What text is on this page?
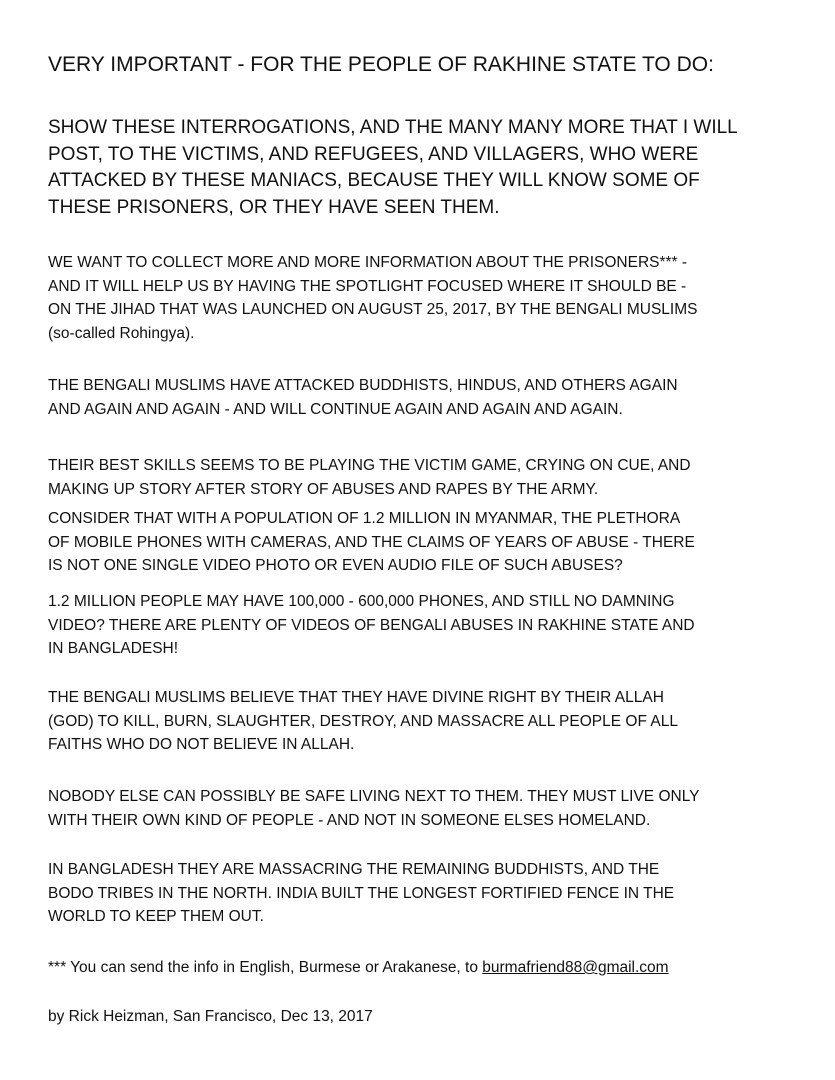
VERY IMPORTANT - FOR THE PEOPLE OF RAKHINE STATE TO DO:

SHOW THESE INTERROGATIONS, AND THE MANY MANY MORE THAT I WILL
POST, TO THE VICTIMS, AND REFUGEES, AND VILLAGERS, WHO WERE
ATTACKED BY THESE MANIACS, BECAUSE THEY WILL KNOW SOME OF
THESE PRISONERS, OR THEY HAVE SEEN THEM.

WE WANT TO COLLECT MORE AND MORE INFORMATION ABOUT THE PRISONERS*** -
AND IT WILL HELP US BY HAVING THE SPOTLIGHT FOCUSED WHERE IT SHOULD BE -
ON THE JIHAD THAT WAS LAUNCHED ON AUGUST 25, 2017, BY THE BENGALI MUSLIMS
(so-called Rohingya).

THE BENGALI MUSLIMS HAVE ATTACKED BUDDHISTS, HINDUS, AND OTHERS AGAIN
AND AGAIN AND AGAIN - AND WILL CONTINUE AGAIN AND AGAIN AND AGAIN.

THEIR BEST SKILLS SEEMS TO BE PLAYING THE VICTIM GAME, CRYING ON CUE, AND
MAKING UP STORY AFTER STORY OF ABUSES AND RAPES BY THE ARMY.

CONSIDER THAT WITH A POPULATION OF 1.2 MILLION IN MYANMAR, THE PLETHORA
OF MOBILE PHONES WITH CAMERAS, AND THE CLAIMS OF YEARS OF ABUSE - THERE
IS NOT ONE SINGLE VIDEO PHOTO OR EVEN AUDIO FILE OF SUCH ABUSES?

1.2 MILLION PEOPLE MAY HAVE 100,000 - 600,000 PHONES, AND STILL NO DAMNING
VIDEO? THERE ARE PLENTY OF VIDEOS OF BENGALI ABUSES IN RAKHINE STATE AND
IN BANGLADESH!

THE BENGALI MUSLIMS BELIEVE THAT THEY HAVE DIVINE RIGHT BY THEIR ALLAH
(GOD) TO KILL, BURN, SLAUGHTER, DESTROY, AND MASSACRE ALL PEOPLE OF ALL
FAITHS WHO DO NOT BELIEVE IN ALLAH.

NOBODY ELSE CAN POSSIBLY BE SAFE LIVING NEXT TO THEM. THEY MUST LIVE ONLY
WITH THEIR OWN KIND OF PEOPLE - AND NOT IN SOMEONE ELSES HOMELAND.

IN BANGLADESH THEY ARE MASSACRING THE REMAINING BUDDHISTS, AND THE
BODO TRIBES IN THE NORTH. INDIA BUILT THE LONGEST FORTIFIED FENCE IN THE
WORLD TO KEEP THEM OUT.

*** You can send the info in English, Burmese or Arakanese, to burmafriend88@gmail.com

by Rick Heizman, San Francisco, Dec 13, 2017
